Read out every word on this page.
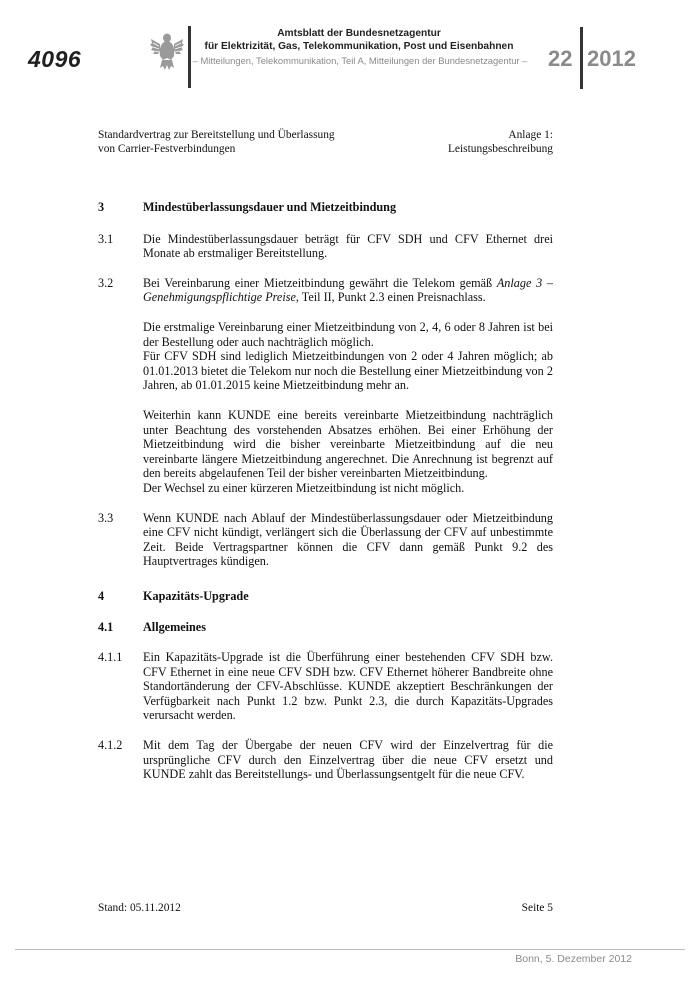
4096
Amtsblatt der Bundesnetzagentur
für Elektrizität, Gas, Telekommunikation, Post und Eisenbahnen
– Mitteilungen, Telekommunikation, Teil A, Mitteilungen der Bundesnetzagentur – 22 2012
Standardvertrag zur Bereitstellung und Überlassung
von Carrier-Festverbindungen
Anlage 1:
Leistungsbeschreibung
3	Mindestüberlassungsdauer und Mietzeitbindung
3.1	Die Mindestüberlassungsdauer beträgt für CFV SDH und CFV Ethernet drei Monate ab erstmaliger Bereitstellung.
3.2	Bei Vereinbarung einer Mietzeitbindung gewährt die Telekom gemäß Anlage 3 – Genehmigungspflichtige Preise, Teil II, Punkt 2.3 einen Preisnachlass.
Die erstmalige Vereinbarung einer Mietzeitbindung von 2, 4, 6 oder 8 Jahren ist bei der Bestellung oder auch nachträglich möglich.
Für CFV SDH sind lediglich Mietzeitbindungen von 2 oder 4 Jahren möglich; ab 01.01.2013 bietet die Telekom nur noch die Bestellung einer Mietzeitbindung von 2 Jahren, ab 01.01.2015 keine Mietzeitbindung mehr an.
Weiterhin kann KUNDE eine bereits vereinbarte Mietzeitbindung nachträglich unter Beachtung des vorstehenden Absatzes erhöhen. Bei einer Erhöhung der Mietzeitbindung wird die bisher vereinbarte Mietzeitbindung auf die neu vereinbarte längere Mietzeitbindung angerechnet. Die Anrechnung ist begrenzt auf den bereits abgelaufenen Teil der bisher vereinbarten Mietzeitbindung.
Der Wechsel zu einer kürzeren Mietzeitbindung ist nicht möglich.
3.3	Wenn KUNDE nach Ablauf der Mindestüberlassungsdauer oder Mietzeitbindung eine CFV nicht kündigt, verlängert sich die Überlassung der CFV auf unbestimmte Zeit. Beide Vertragspartner können die CFV dann gemäß Punkt 9.2 des Hauptvertrages kündigen.
4	Kapazitäts-Upgrade
4.1	Allgemeines
4.1.1	Ein Kapazitäts-Upgrade ist die Überführung einer bestehenden CFV SDH bzw. CFV Ethernet in eine neue CFV SDH bzw. CFV Ethernet höherer Bandbreite ohne Standortänderung der CFV-Abschlüsse. KUNDE akzeptiert Beschränkungen der Verfügbarkeit nach Punkt 1.2 bzw. Punkt 2.3, die durch Kapazitäts-Upgrades verursacht werden.
4.1.2	Mit dem Tag der Übergabe der neuen CFV wird der Einzelvertrag für die ursprüngliche CFV durch den Einzelvertrag über die neue CFV ersetzt und KUNDE zahlt das Bereitstellungs- und Überlassungsentgelt für die neue CFV.
Stand: 05.11.2012	Seite 5
Bonn, 5. Dezember 2012
